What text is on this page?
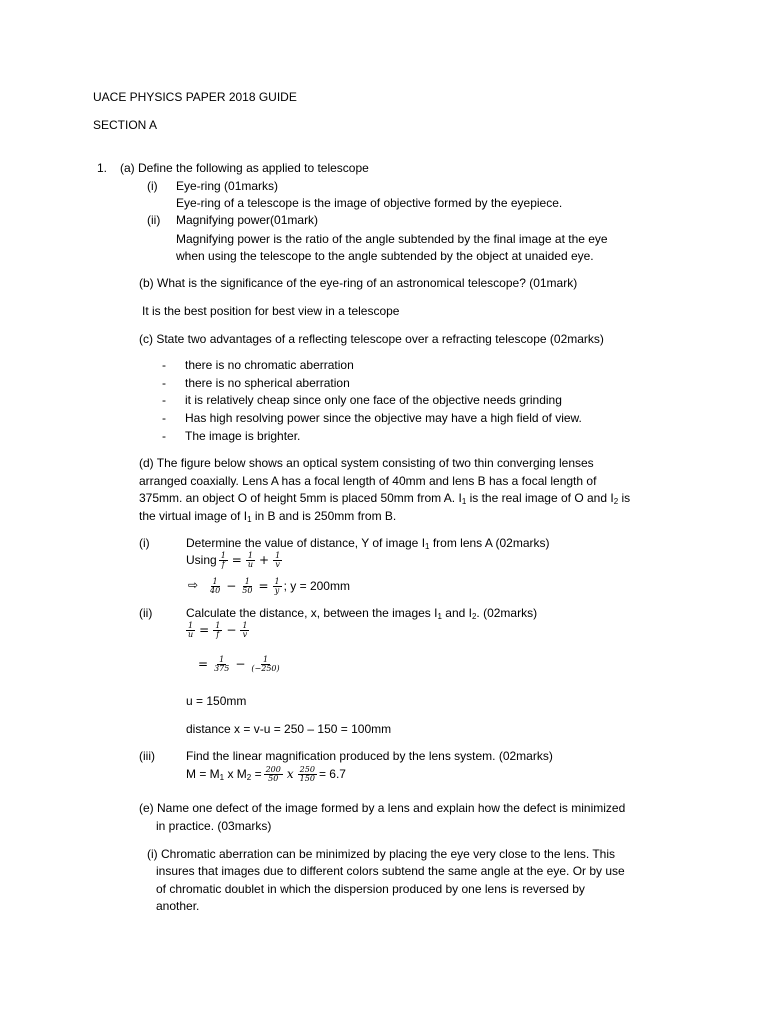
UACE PHYSICS PAPER 2018 GUIDE
SECTION A
1. (a) Define the following as applied to telescope
(i) Eye-ring (01marks)
Eye-ring of a telescope is the image of objective formed by the eyepiece.
(ii) Magnifying power(01mark)
Magnifying power is the ratio of the angle subtended by the final image at the eye
when using the telescope to the angle subtended by the object at unaided eye.
(b) What is the significance of the eye-ring of an astronomical telescope? (01mark)
It is the best position for best view in a telescope
(c) State two advantages of a reflecting telescope over a refracting telescope (02marks)
- there is no chromatic aberration
- there is no spherical aberration
- it is relatively cheap since only one face of the objective needs grinding
- Has high resolving power since the objective may have a high field of view.
- The image is brighter.
(d) The figure below shows an optical system consisting of two thin converging lenses
arranged coaxially. Lens A has a focal length of 40mm and lens B has a focal length of
375mm. an object O of height 5mm is placed 50mm from A. $I_1$ is the real image of O and $I_2$ is
the virtual image of $I_1$ in B and is 250mm from B.
(i)	Determine the value of distance, Y of image $I_1$ from lens A (02marks)
Using $\frac{1}{f} = \frac{1}{u} + \frac{1}{v}$
⇨ $\frac{1}{40} - \frac{1}{50} = \frac{1}{y}$ ; y = 200mm
(ii)	Calculate the distance, x, between the images $I_1$ and $I_2$. (02marks)
$\frac{1}{u} = \frac{1}{f} - \frac{1}{v}$
= $\frac{1}{375} - \frac{1}{(-250)}$
u = 150mm
distance x = v-u = 250 – 150 = 100mm
(iii)	Find the linear magnification produced by the lens system. (02marks)
$M = M_1$ x $M_2 = \frac{200}{50}$ x $\frac{250}{150} = 6.7$
(e) Name one defect of the image formed by a lens and explain how the defect is minimized
in practice. (03marks)
(i) Chromatic aberration can be minimized by placing the eye very close to the lens. This
insures that images due to different colors subtend the same angle at the eye. Or by use
of chromatic doublet in which the dispersion produced by one lens is reversed by
another.
